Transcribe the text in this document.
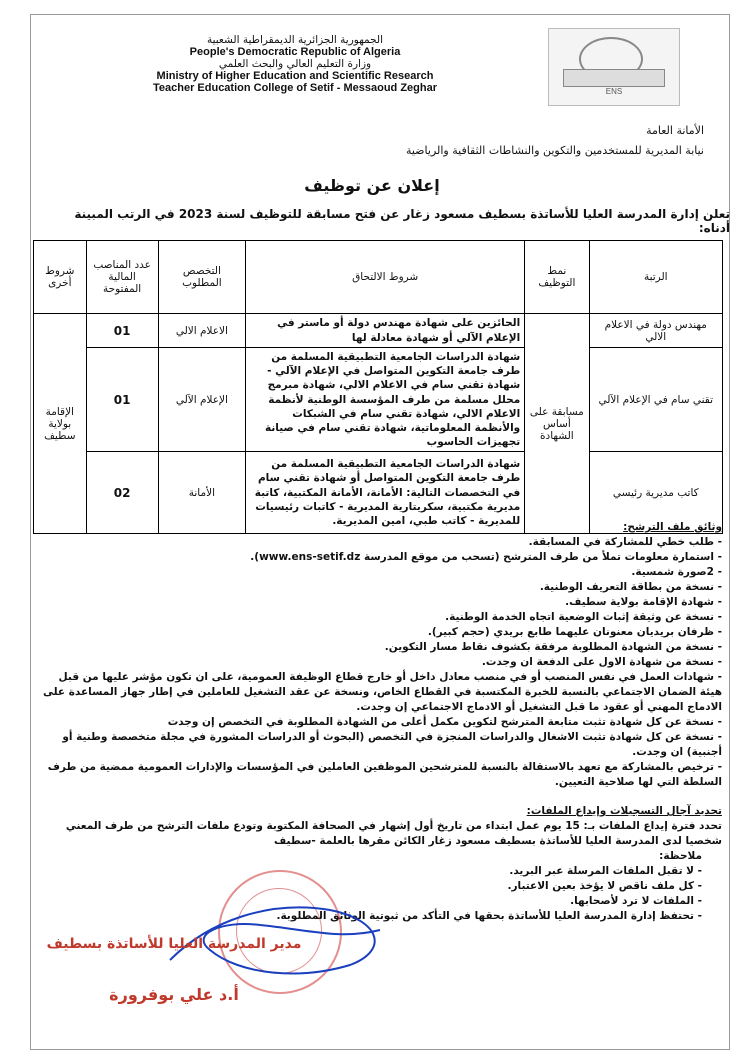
الجمهورية الجزائرية الديمقراطية الشعبية
People's Democratic Republic of Algeria
وزارة التعليم العالي والبحث العلمي
Ministry of Higher Education and Scientific Research
Teacher Education College of Setif - Messaoud Zeghar	ENS
الأمانة العامة
نيابة المديرية للمستخدمين والتكوين والنشاطات الثقافية والرياضية
إعلان عن توظيف
تعلن إدارة المدرسة العليا للأساتذة بسطيف مسعود زغار عن فتح مسابقة للتوظيف لسنة 2023 في الرتب المبينة أدناه:
الرتبة	نمط التوظيف	شروط الالتحاق	التخصص المطلوب	عدد المناصب المالية المفتوحة	شروط أخرى
مهندس دولة في الاعلام الالي	مسابقة على أساس الشهادة	الحائزين على شهادة مهندس دولة أو ماستر في الإعلام الآلي أو شهادة معادلة لها	الاعلام الالي	01	الإقامة بولاية سطيف
تقني سام في الإعلام الآلي		شهادة الدراسات الجامعية التطبيقية المسلمة من طرف جامعة التكوين المتواصل في الإعلام الآلي - شهادة تقني سام في الاعلام الالي، شهادة مبرمج محلل مسلمة من طرف المؤسسة الوطنية لأنظمة الاعلام الالي، شهادة تقني سام في الشبكات والأنظمة المعلوماتية، شهادة تقني سام في صيانة تجهيزات الحاسوب	الإعلام الآلي	01	
كاتب مديرية رئيسي		شهادة الدراسات الجامعية التطبيقية المسلمة من طرف جامعة التكوين المتواصل أو شهادة تقني سام في التخصصات التالية: الأمانة، الأمانة المكتبية، كاتبة مديرية مكتبية، سكريتارية المديرية - كاتبات رئيسيات للمديرية - كاتب طبي، امين المديرية.	الأمانة	02	
وثائق ملف الترشح:
- طلب خطي للمشاركة في المسابقة.
- استمارة معلومات تملأ من طرف المترشح (تسحب من موقع المدرسة www.ens-setif.dz).
- 2صورة شمسية.
- نسخة من بطاقة التعريف الوطنية.
- شهادة الإقامة بولاية سطيف.
- نسخة عن وثيقة إثبات الوضعية اتجاه الخدمة الوطنية.
- ظرفان بريديان معنونان عليهما طابع بريدي (حجم كبير).
- نسخة من الشهادة المطلوبة مرفقة بكشوف نقاط مسار التكوين.
- نسخة من شهادة الاول على الدفعة ان وجدت.
- شهادات العمل في نفس المنصب أو في منصب معادل داخل أو خارج قطاع الوظيفة العمومية، على ان تكون مؤشر عليها من قبل هيئة الضمان الاجتماعي بالنسبة للخبرة المكتسبة في القطاع الخاص، ونسخة عن عقد التشغيل للعاملين في إطار جهاز المساعدة على الادماج المهني أو عقود ما قبل التشغيل أو الادماج الاجتماعي إن وجدت.
- نسخة عن كل شهادة تثبت متابعة المترشح لتكوين مكمل أعلى من الشهادة المطلوبة في التخصص إن وجدت
- نسخة عن كل شهادة تثبت الاشغال والدراسات المنجزة في التخصص (البحوث أو الدراسات المشورة في مجلة متخصصة وطنية أو أجنبية) ان وجدت.
- ترخيص بالمشاركة مع تعهد بالاستقالة بالنسبة للمترشحين الموظفين العاملين في المؤسسات والإدارات العمومية ممضية من طرف السلطة التي لها صلاحية التعيين.
تحديد آجال التسجيلات وإيداع الملفات:
تحدد فترة إيداع الملفات بـ: 15 يوم عمل ابتداء من تاريخ أول إشهار في الصحافة المكتوبة وتودع ملفات الترشح من طرف المعني شخصيا لدى المدرسة العليا للأساتذة بسطيف مسعود زغار الكائن مقرها بالعلمة -سطيف
ملاحظة:
- لا تقبل الملفات المرسلة عبر البريد.
- كل ملف ناقص لا يؤخذ بعين الاعتبار.
- الملفات لا ترد لأصحابها.
- تحتفظ إدارة المدرسة العليا للأساتذة بحقها في التأكد من ثبوتية الوثائق المطلوبة.
مدير المدرسة العليا للأساتذة بسطيف
أ.د علي بوفرورة
